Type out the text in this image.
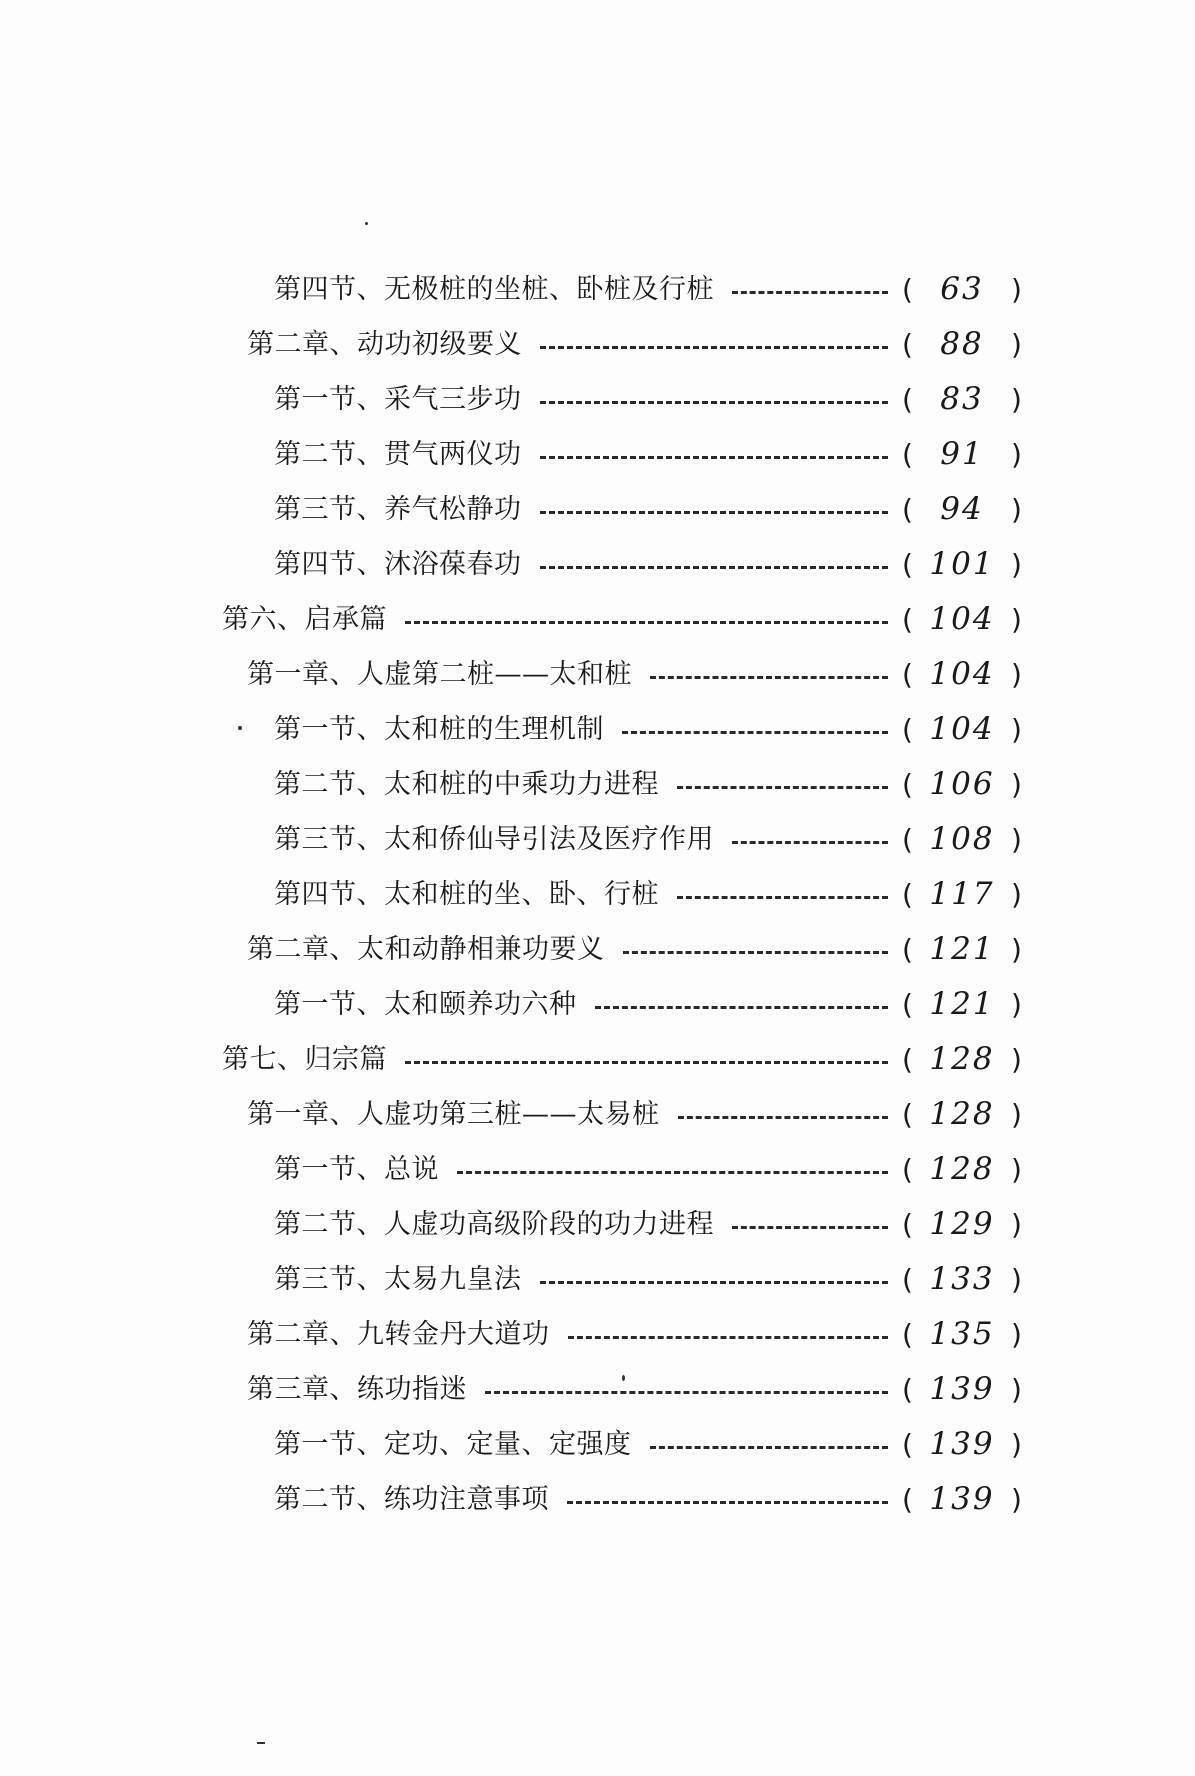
第四节、无极桩的坐桩、卧桩及行桩	( 63 )
第二章、动功初级要义	( 88 )
第一节、采气三步功	( 83 )
第二节、贯气两仪功	( 91 )
第三节、养气松静功	( 94 )
第四节、沐浴葆春功	( 101 )
第六、启承篇	( 104 )
第一章、人虚第二桩——太和桩	( 104 )
第一节、太和桩的生理机制	( 104 )
第二节、太和桩的中乘功力进程	( 106 )
第三节、太和侨仙导引法及医疗作用	( 108 )
第四节、太和桩的坐、卧、行桩	( 117 )
第二章、太和动静相兼功要义	( 121 )
第一节、太和颐养功六种	( 121 )
第七、归宗篇	( 128 )
第一章、人虚功第三桩——太易桩	( 128 )
第一节、总说	( 128 )
第二节、人虚功高级阶段的功力进程	( 129 )
第三节、太易九皇法	( 133 )
第二章、九转金丹大道功	( 135 )
第三章、练功指迷	( 139 )
第一节、定功、定量、定强度	( 139 )
第二节、练功注意事项	( 139 )
